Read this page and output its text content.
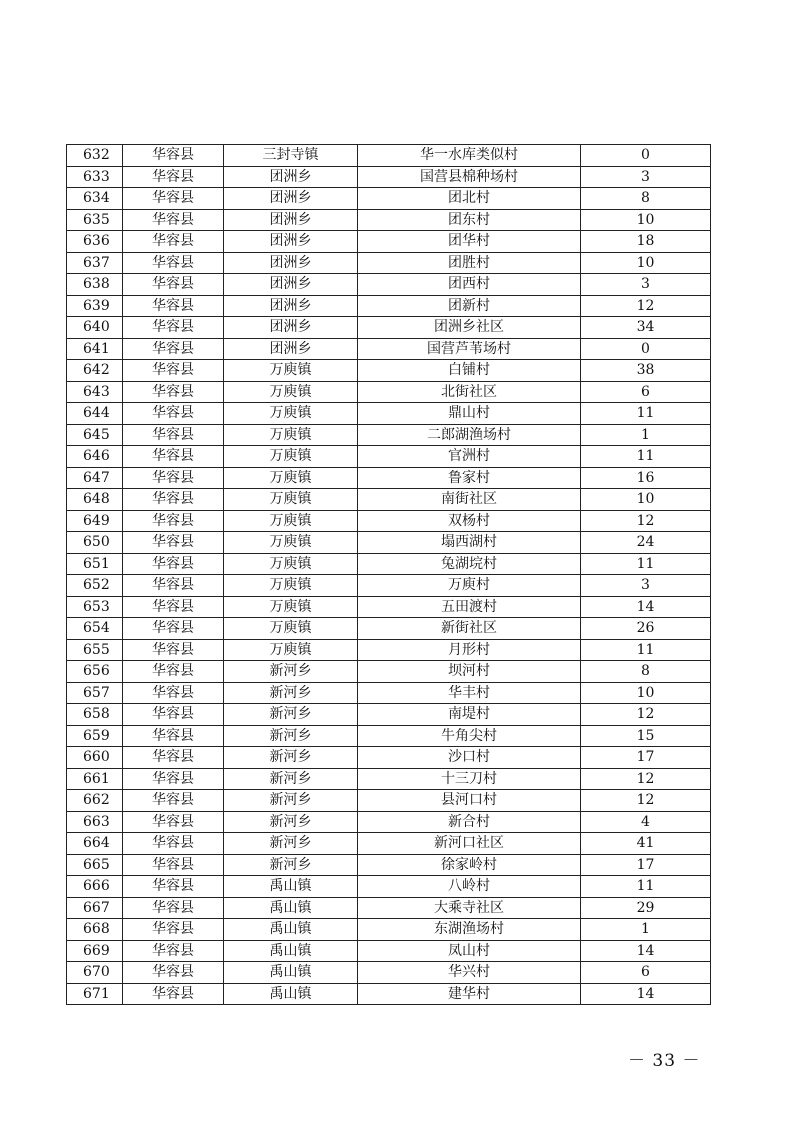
632	华容县	三封寺镇	华一水库类似村	0
633	华容县	团洲乡	国营县棉种场村	3
634	华容县	团洲乡	团北村	8
635	华容县	团洲乡	团东村	10
636	华容县	团洲乡	团华村	18
637	华容县	团洲乡	团胜村	10
638	华容县	团洲乡	团西村	3
639	华容县	团洲乡	团新村	12
640	华容县	团洲乡	团洲乡社区	34
641	华容县	团洲乡	国营芦苇场村	0
642	华容县	万庾镇	白铺村	38
643	华容县	万庾镇	北街社区	6
644	华容县	万庾镇	鼎山村	11
645	华容县	万庾镇	二郎湖渔场村	1
646	华容县	万庾镇	官洲村	11
647	华容县	万庾镇	鲁家村	16
648	华容县	万庾镇	南街社区	10
649	华容县	万庾镇	双杨村	12
650	华容县	万庾镇	塌西湖村	24
651	华容县	万庾镇	兔湖垸村	11
652	华容县	万庾镇	万庾村	3
653	华容县	万庾镇	五田渡村	14
654	华容县	万庾镇	新街社区	26
655	华容县	万庾镇	月形村	11
656	华容县	新河乡	坝河村	8
657	华容县	新河乡	华丰村	10
658	华容县	新河乡	南堤村	12
659	华容县	新河乡	牛角尖村	15
660	华容县	新河乡	沙口村	17
661	华容县	新河乡	十三刀村	12
662	华容县	新河乡	县河口村	12
663	华容县	新河乡	新合村	4
664	华容县	新河乡	新河口社区	41
665	华容县	新河乡	徐家岭村	17
666	华容县	禹山镇	八岭村	11
667	华容县	禹山镇	大乘寺社区	29
668	华容县	禹山镇	东湖渔场村	1
669	华容县	禹山镇	凤山村	14
670	华容县	禹山镇	华兴村	6
671	华容县	禹山镇	建华村	14
－ 33 －
